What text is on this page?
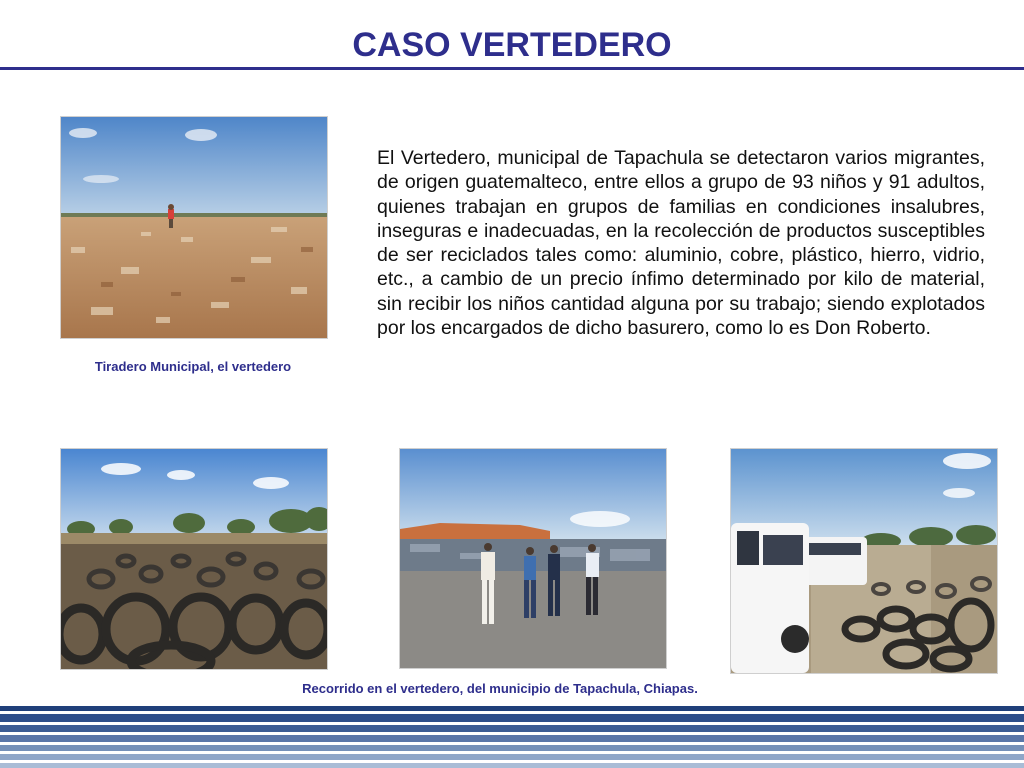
CASO VERTEDERO

Tiradero Municipal, el vertedero

El Vertedero, municipal de Tapachula se detectaron varios migrantes, de origen guatemalteco, entre ellos a grupo de 93 niños y 91 adultos, quienes trabajan en grupos de familias en condiciones insalubres, inseguras e inadecuadas, en la recolección de productos susceptibles de ser reciclados tales como: aluminio, cobre, plástico, hierro, vidrio, etc., a cambio de un precio ínfimo determinado por kilo de material, sin recibir los niños cantidad alguna por su trabajo; siendo explotados por los encargados de dicho basurero, como lo es Don Roberto.

Recorrido en el vertedero, del municipio de Tapachula, Chiapas.
